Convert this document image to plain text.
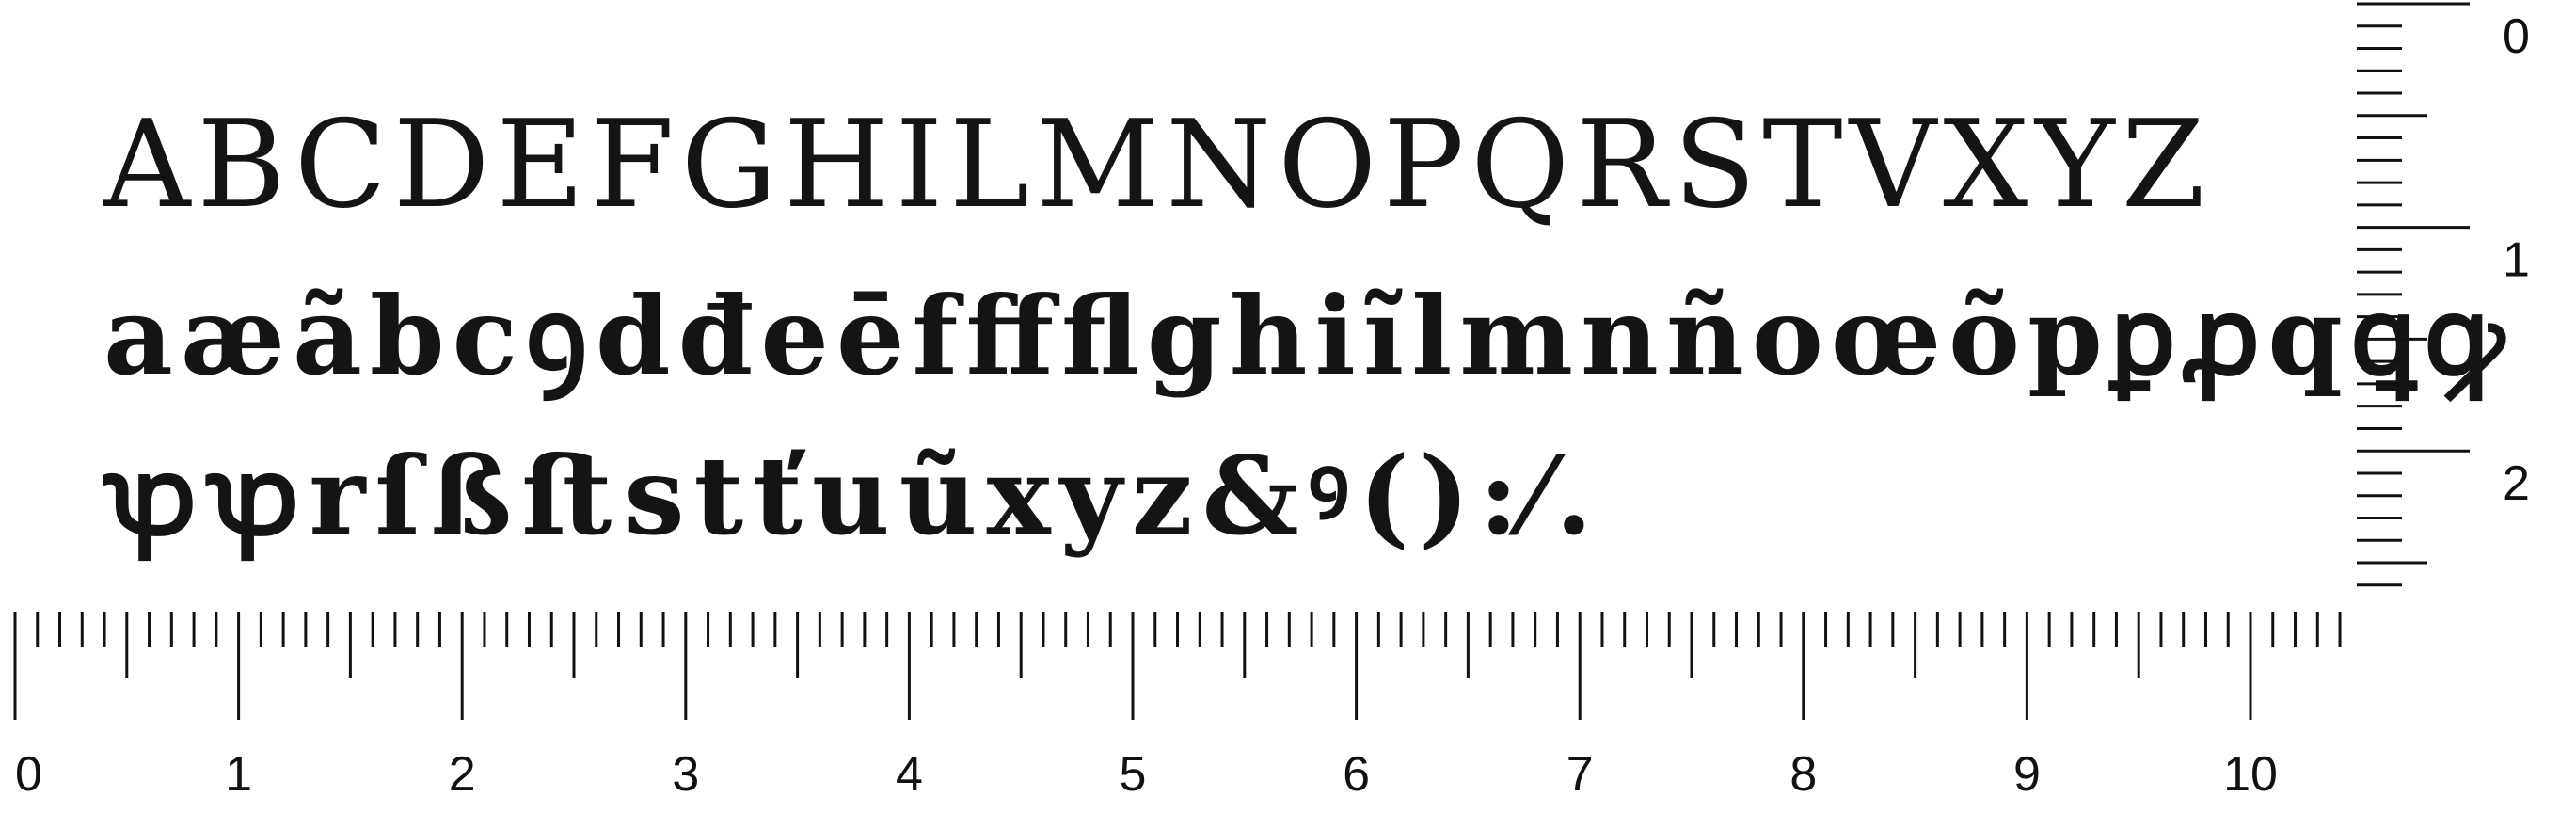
ABCDEFGHILMNOPQRSTVXYZ

aæãbcꝯdđeēfﬀﬂghiĩlmnñoœõpꝑꝓqꝗꝙ

ꝕꝕrſßﬅstťuũxyz&ꝰ():⁄.

0	1	2	3	4	5	6	7	8	9	10
0
1
2
